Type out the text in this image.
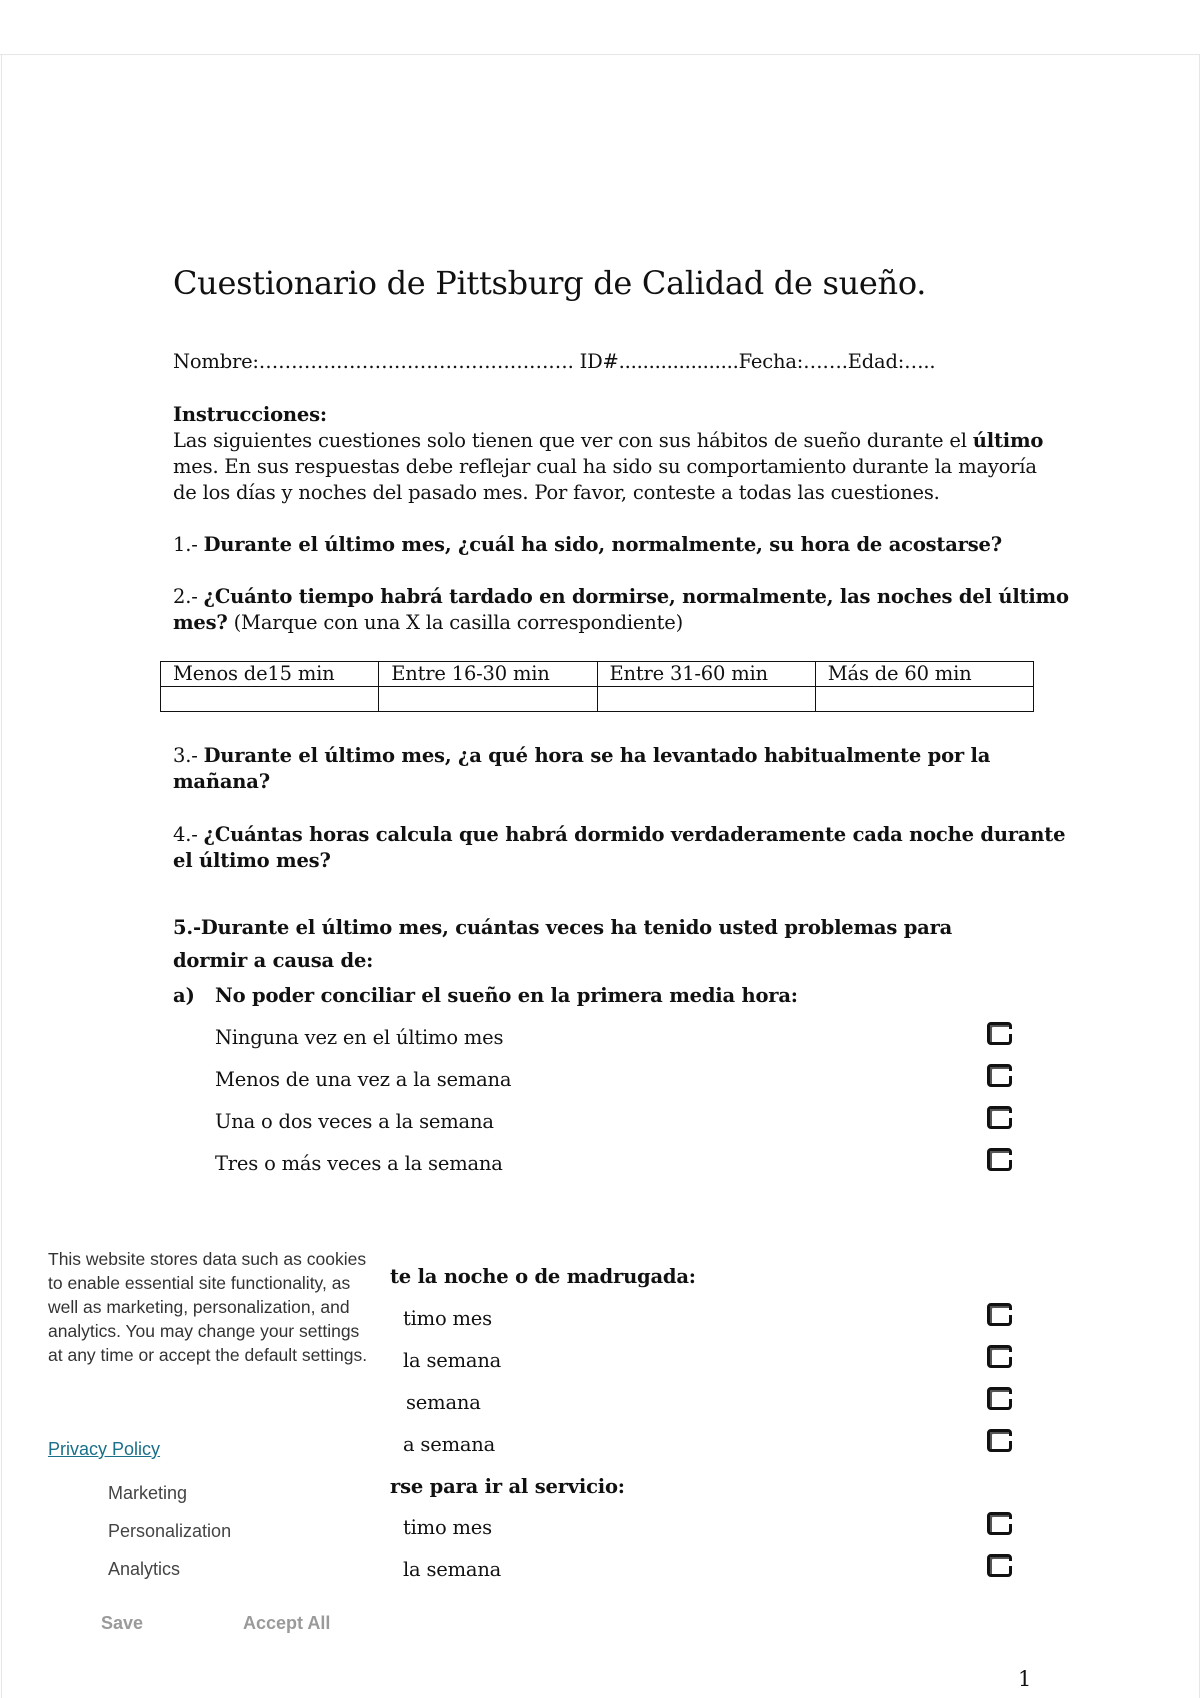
Cuestionario de Pittsburg de Calidad de sueño.
Nombre:…………………………………………. ID#....................Fecha:…….Edad:…..
Instrucciones:
Las siguientes cuestiones solo tienen que ver con sus hábitos de sueño durante el último
mes. En sus respuestas debe reflejar cual ha sido su comportamiento durante la mayoría
de los días y noches del pasado mes. Por favor, conteste a todas las cuestiones.
1.- Durante el último mes, ¿cuál ha sido, normalmente, su hora de acostarse?
2.- ¿Cuánto tiempo habrá tardado en dormirse, normalmente, las noches del último
mes? (Marque con una X la casilla correspondiente)
Menos de15 min	Entre 16-30 min	Entre 31-60 min	Más de 60 min

3.- Durante el último mes, ¿a qué hora se ha levantado habitualmente por la
mañana?
4.- ¿Cuántas horas calcula que habrá dormido verdaderamente cada noche durante
el último mes?
5.-Durante el último mes, cuántas veces ha tenido usted problemas para
dormir a causa de:
a) No poder conciliar el sueño en la primera media hora:
Ninguna vez en el último mes
Menos de una vez a la semana
Una o dos veces a la semana
Tres o más veces a la semana
te la noche o de madrugada:
timo mes
la semana
semana
a semana
rse para ir al servicio:
timo mes
la semana
1
This website stores data such as cookies to enable essential site functionality, as well as marketing, personalization, and analytics. You may change your settings at any time or accept the default settings.
Privacy Policy
Marketing
Personalization
Analytics
Save	Accept All
